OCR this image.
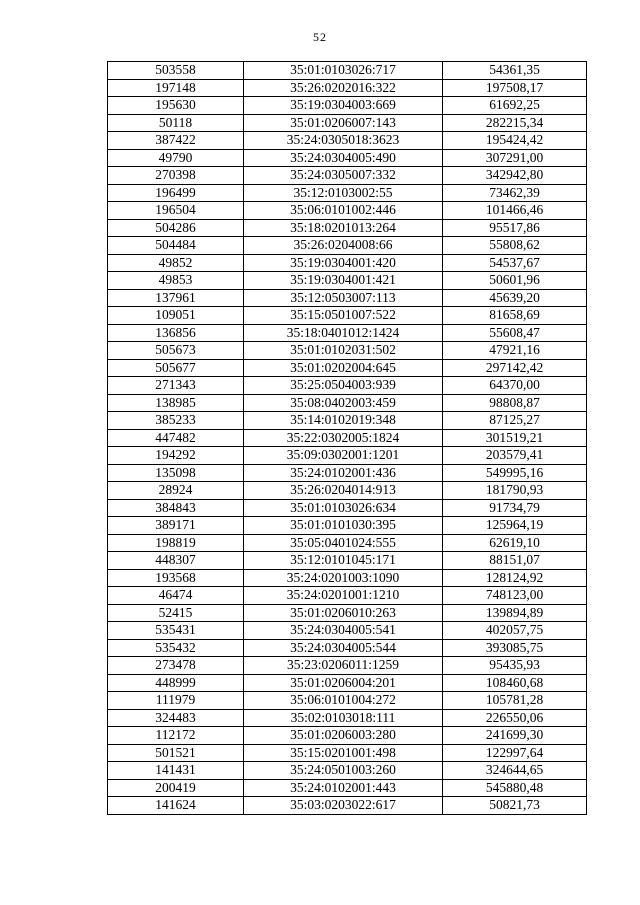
52
503558	35:01:0103026:717	54361,35
197148	35:26:0202016:322	197508,17
195630	35:19:0304003:669	61692,25
50118	35:01:0206007:143	282215,34
387422	35:24:0305018:3623	195424,42
49790	35:24:0304005:490	307291,00
270398	35:24:0305007:332	342942,80
196499	35:12:0103002:55	73462,39
196504	35:06:0101002:446	101466,46
504286	35:18:0201013:264	95517,86
504484	35:26:0204008:66	55808,62
49852	35:19:0304001:420	54537,67
49853	35:19:0304001:421	50601,96
137961	35:12:0503007:113	45639,20
109051	35:15:0501007:522	81658,69
136856	35:18:0401012:1424	55608,47
505673	35:01:0102031:502	47921,16
505677	35:01:0202004:645	297142,42
271343	35:25:0504003:939	64370,00
138985	35:08:0402003:459	98808,87
385233	35:14:0102019:348	87125,27
447482	35:22:0302005:1824	301519,21
194292	35:09:0302001:1201	203579,41
135098	35:24:0102001:436	549995,16
28924	35:26:0204014:913	181790,93
384843	35:01:0103026:634	91734,79
389171	35:01:0101030:395	125964,19
198819	35:05:0401024:555	62619,10
448307	35:12:0101045:171	88151,07
193568	35:24:0201003:1090	128124,92
46474	35:24:0201001:1210	748123,00
52415	35:01:0206010:263	139894,89
535431	35:24:0304005:541	402057,75
535432	35:24:0304005:544	393085,75
273478	35:23:0206011:1259	95435,93
448999	35:01:0206004:201	108460,68
111979	35:06:0101004:272	105781,28
324483	35:02:0103018:111	226550,06
112172	35:01:0206003:280	241699,30
501521	35:15:0201001:498	122997,64
141431	35:24:0501003:260	324644,65
200419	35:24:0102001:443	545880,48
141624	35:03:0203022:617	50821,73
